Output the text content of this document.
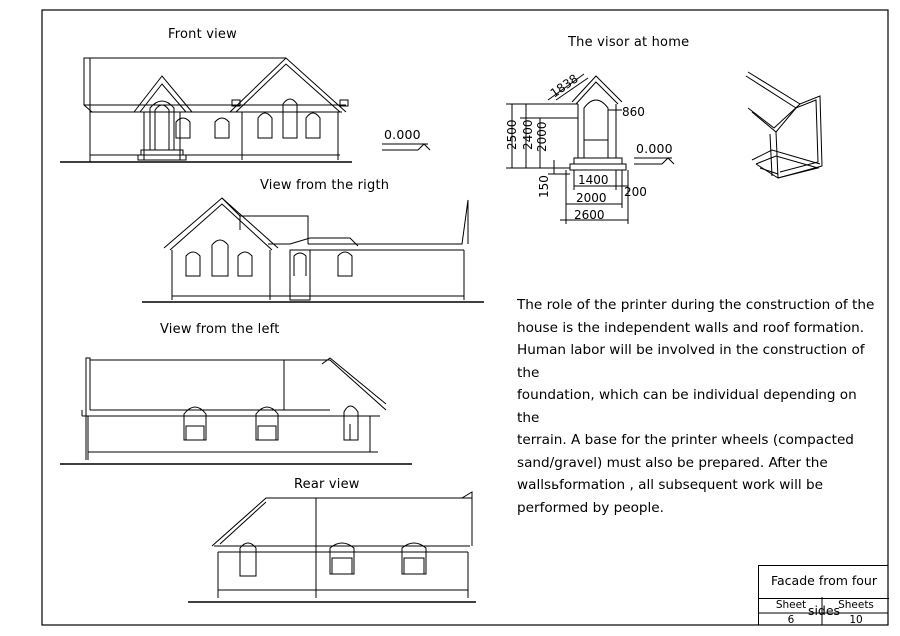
1838
860
2500 2400 2000
150 1400
200
2000
2600
Front view
View from the rigth
View from the left
Rear view
The visor at home
0.000
0.000
The role of the printer during the construction of the
house is the independent walls and roof formation.
Human labor will be involved in the construction of the
foundation, which can be individual depending on the
terrain. A base for the printer wheels (compacted
sand/gravel) must also be prepared. After the
wallsьformation , all subsequent work will be
performed by people.
Facade from four sides
Sheet	Sheets
6	10
